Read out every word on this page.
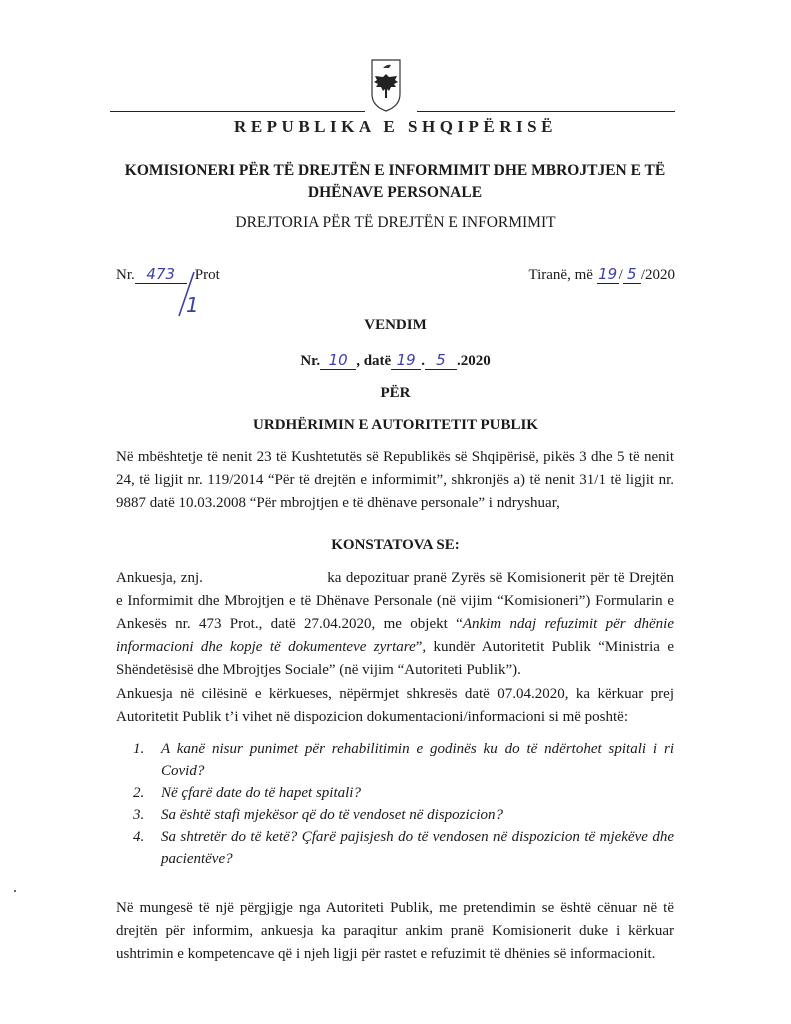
REPUBLIKA E SHQIPËRISË
KOMISIONERI PËR TË DREJTËN E INFORMIMIT DHE MBROJTJEN E TË DHËNAVE PERSONALE
DREJTORIA PËR TË DREJTËN E INFORMIMIT
Nr. 473 Prot
1
Tiranë, më 19/ 5 /2020
VENDIM
Nr. 10 , datë 19 . 5 .2020
PËR
URDHËRIMIN E AUTORITETIT PUBLIK
Në mbështetje të nenit 23 të Kushtetutës së Republikës së Shqipërisë, pikës 3 dhe 5 të nenit 24, të ligjit nr. 119/2014 “Për të drejtën e informimit”, shkronjës a) të nenit 31/1 të ligjit nr. 9887 datë 10.03.2008 “Për mbrojtjen e të dhënave personale” i ndryshuar,
KONSTATOVA SE:
Ankuesja, znj.	ka depozituar pranë Zyrës së Komisionerit për të Drejtën e Informimit dhe Mbrojtjen e të Dhënave Personale (në vijim “Komisioneri”) Formularin e Ankesës nr. 473 Prot., datë 27.04.2020, me objekt “Ankim ndaj refuzimit për dhënie informacioni dhe kopje të dokumenteve zyrtare”, kundër Autoritetit Publik “Ministria e Shëndetësisë dhe Mbrojtjes Sociale” (në vijim “Autoriteti Publik”).
Ankuesja në cilësinë e kërkueses, nëpërmjet shkresës datë 07.04.2020, ka kërkuar prej Autoritetit Publik t’i vihet në dispozicion dokumentacioni/informacioni si më poshtë:
1.	A kanë nisur punimet për rehabilitimin e godinës ku do të ndërtohet spitali i ri Covid?
2.	Në çfarë date do të hapet spitali?
3.	Sa është stafi mjekësor që do të vendoset në dispozicion?
4.	Sa shtretër do të ketë? Çfarë pajisjesh do të vendosen në dispozicion të mjekëve dhe pacientëve?
Në mungesë të një përgjigje nga Autoriteti Publik, me pretendimin se është cënuar në të drejtën për informim, ankuesja ka paraqitur ankim pranë Komisionerit duke i kërkuar ushtrimin e kompetencave që i njeh ligji për rastet e refuzimit të dhënies së informacionit.
